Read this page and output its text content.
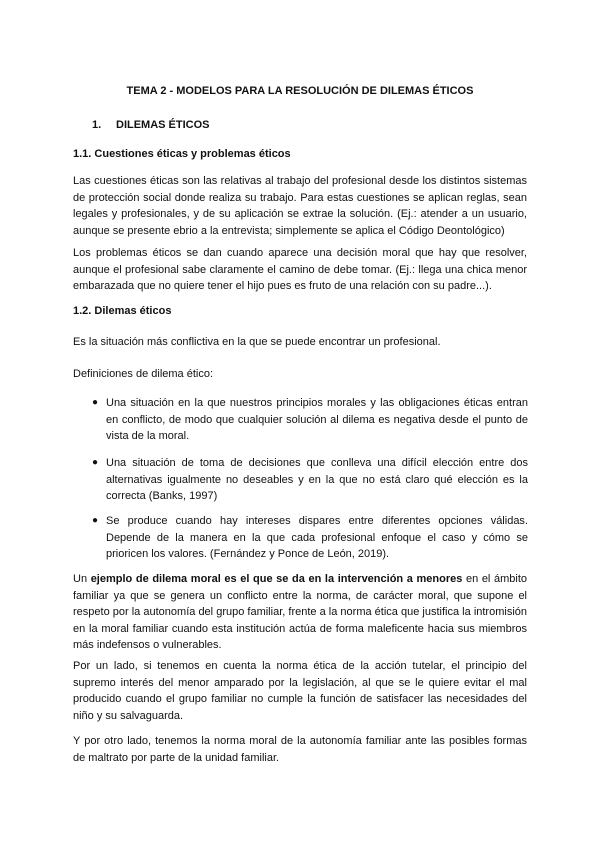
TEMA 2 - MODELOS PARA LA RESOLUCIÓN DE DILEMAS ÉTICOS
1. DILEMAS ÉTICOS
1.1. Cuestiones éticas y problemas éticos

Las cuestiones éticas son las relativas al trabajo del profesional desde los distintos sistemas de protección social donde realiza su trabajo. Para estas cuestiones se aplican reglas, sean legales y profesionales, y de su aplicación se extrae la solución. (Ej.: atender a un usuario, aunque se presente ebrio a la entrevista; simplemente se aplica el Código Deontológico)

Los problemas éticos se dan cuando aparece una decisión moral que hay que resolver, aunque el profesional sabe claramente el camino de debe tomar. (Ej.: llega una chica menor embarazada que no quiere tener el hijo pues es fruto de una relación con su padre...).

1.2. Dilemas éticos

Es la situación más conflictiva en la que se puede encontrar un profesional.

Definiciones de dilema ético:

● Una situación en la que nuestros principios morales y las obligaciones éticas entran en conflicto, de modo que cualquier solución al dilema es negativa desde el punto de vista de la moral.
● Una situación de toma de decisiones que conlleva una difícil elección entre dos alternativas igualmente no deseables y en la que no está claro qué elección es la correcta (Banks, 1997)
● Se produce cuando hay intereses dispares entre diferentes opciones válidas. Depende de la manera en la que cada profesional enfoque el caso y cómo se prioricen los valores. (Fernández y Ponce de León, 2019).

Un ejemplo de dilema moral es el que se da en la intervención a menores en el ámbito familiar ya que se genera un conflicto entre la norma, de carácter moral, que supone el respeto por la autonomía del grupo familiar, frente a la norma ética que justifica la intromisión en la moral familiar cuando esta institución actúa de forma maleficente hacia sus miembros más indefensos o vulnerables.

Por un lado, si tenemos en cuenta la norma ética de la acción tutelar, el principio del supremo interés del menor amparado por la legislación, al que se le quiere evitar el mal producido cuando el grupo familiar no cumple la función de satisfacer las necesidades del niño y su salvaguarda.

Y por otro lado, tenemos la norma moral de la autonomía familiar ante las posibles formas de maltrato por parte de la unidad familiar.
